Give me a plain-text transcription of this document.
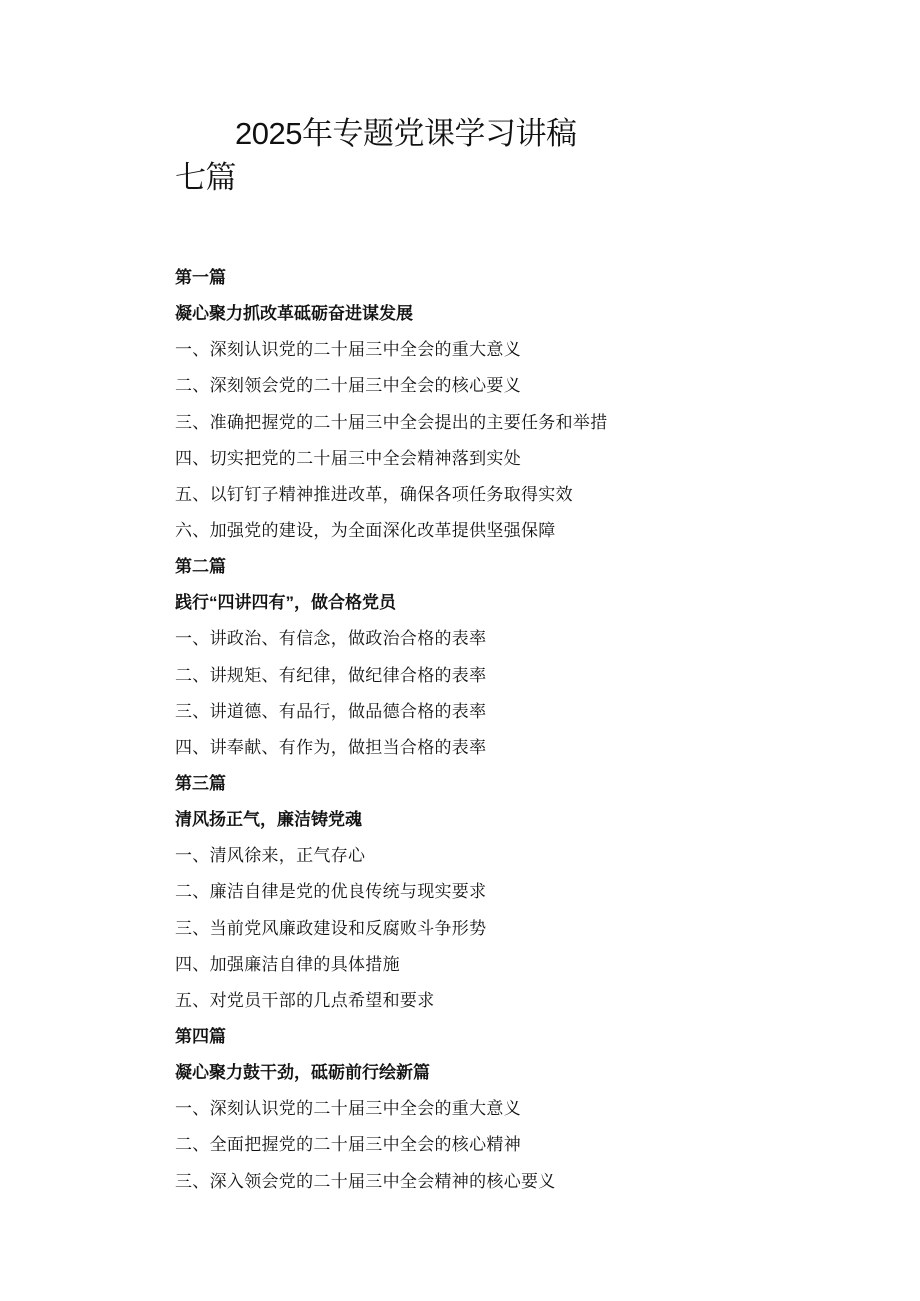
2025年专题党课学习讲稿
七篇
第一篇
凝心聚力抓改革砥砺奋进谋发展
一、深刻认识党的二十届三中全会的重大意义
二、深刻领会党的二十届三中全会的核心要义
三、准确把握党的二十届三中全会提出的主要任务和举措
四、切实把党的二十届三中全会精神落到实处
五、以钉钉子精神推进改革，确保各项任务取得实效
六、加强党的建设，为全面深化改革提供坚强保障
第二篇
践行“四讲四有”，做合格党员
一、讲政治、有信念，做政治合格的表率
二、讲规矩、有纪律，做纪律合格的表率
三、讲道德、有品行，做品德合格的表率
四、讲奉献、有作为，做担当合格的表率
第三篇
清风扬正气，廉洁铸党魂
一、清风徐来，正气存心
二、廉洁自律是党的优良传统与现实要求
三、当前党风廉政建设和反腐败斗争形势
四、加强廉洁自律的具体措施
五、对党员干部的几点希望和要求
第四篇
凝心聚力鼓干劲，砥砺前行绘新篇
一、深刻认识党的二十届三中全会的重大意义
二、全面把握党的二十届三中全会的核心精神
三、深入领会党的二十届三中全会精神的核心要义
